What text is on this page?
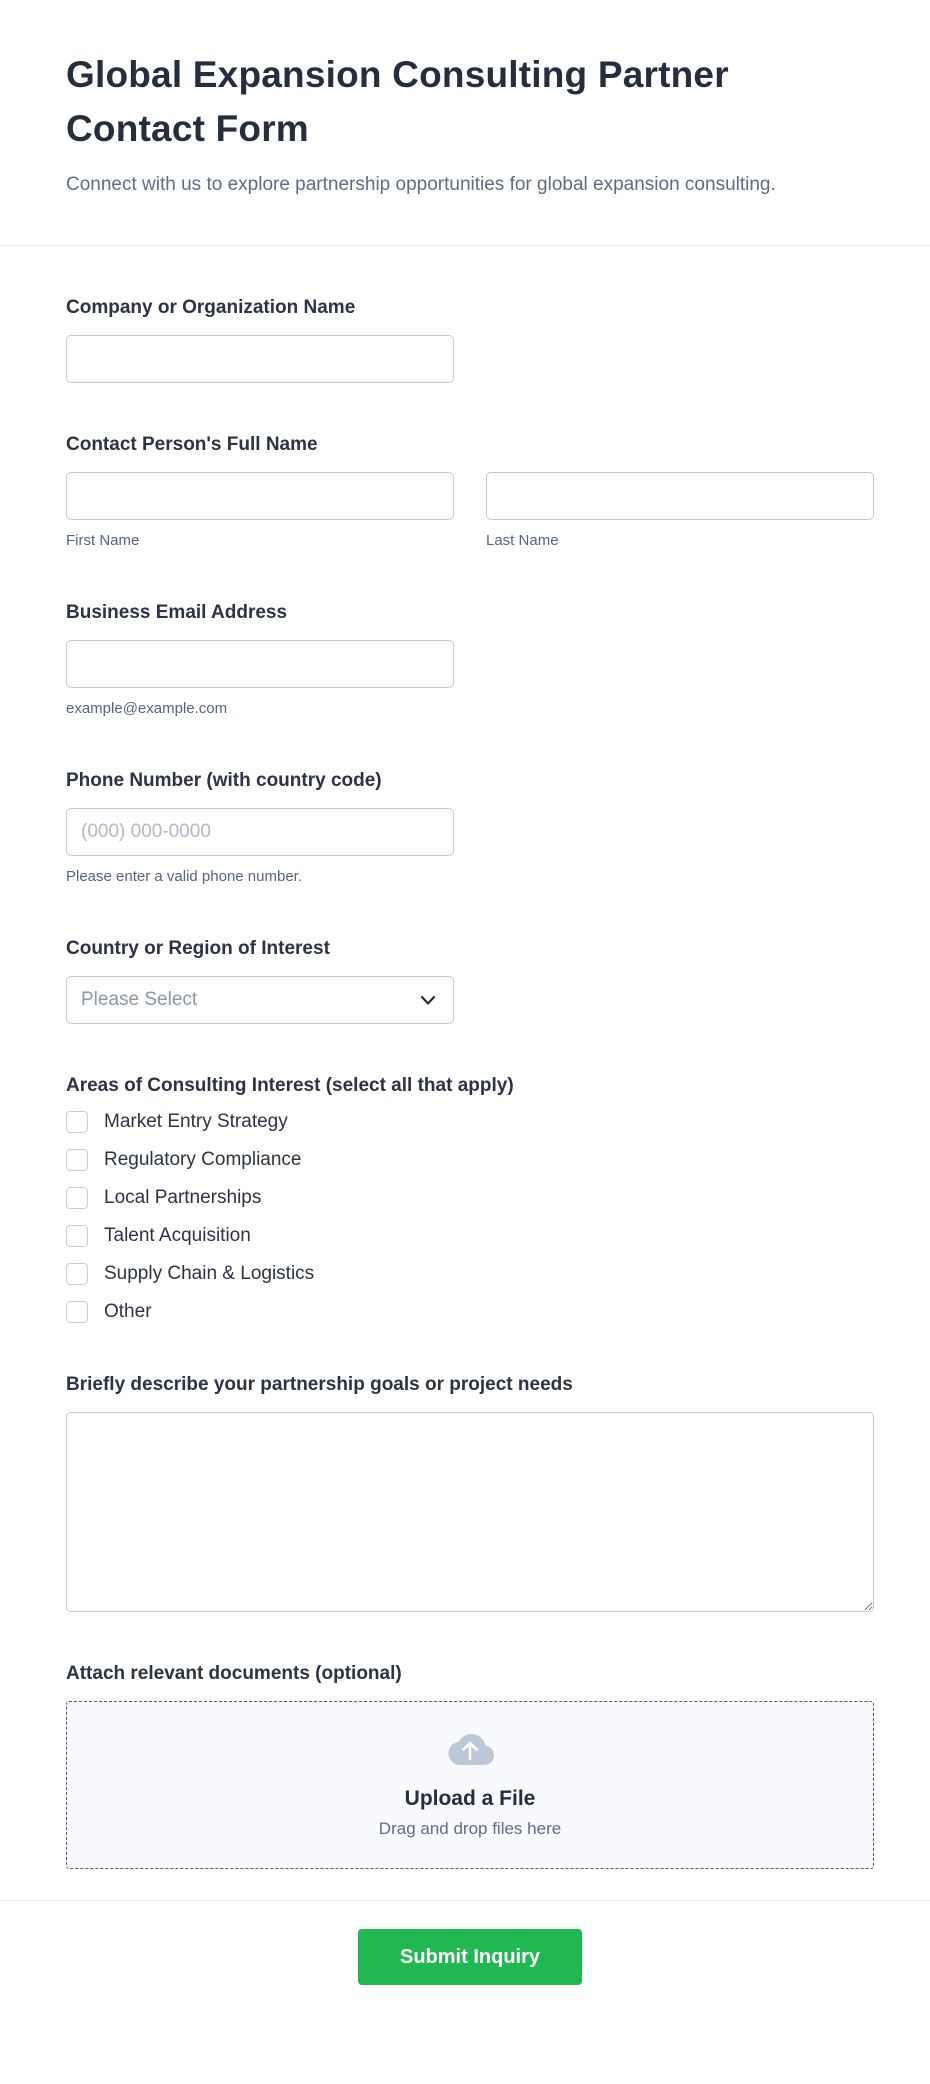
Global Expansion Consulting Partner Contact Form

Connect with us to explore partnership opportunities for global expansion consulting.

Company or Organization Name
Contact Person's Full Name
First Name	Last Name
Business Email Address
example@example.com
Phone Number (with country code)
(000) 000-0000
Please enter a valid phone number.
Country or Region of Interest
Please Select
Areas of Consulting Interest (select all that apply)
Market Entry Strategy
Regulatory Compliance
Local Partnerships
Talent Acquisition
Supply Chain & Logistics
Other
Briefly describe your partnership goals or project needs
Attach relevant documents (optional)
Upload a File
Drag and drop files here
Submit Inquiry
